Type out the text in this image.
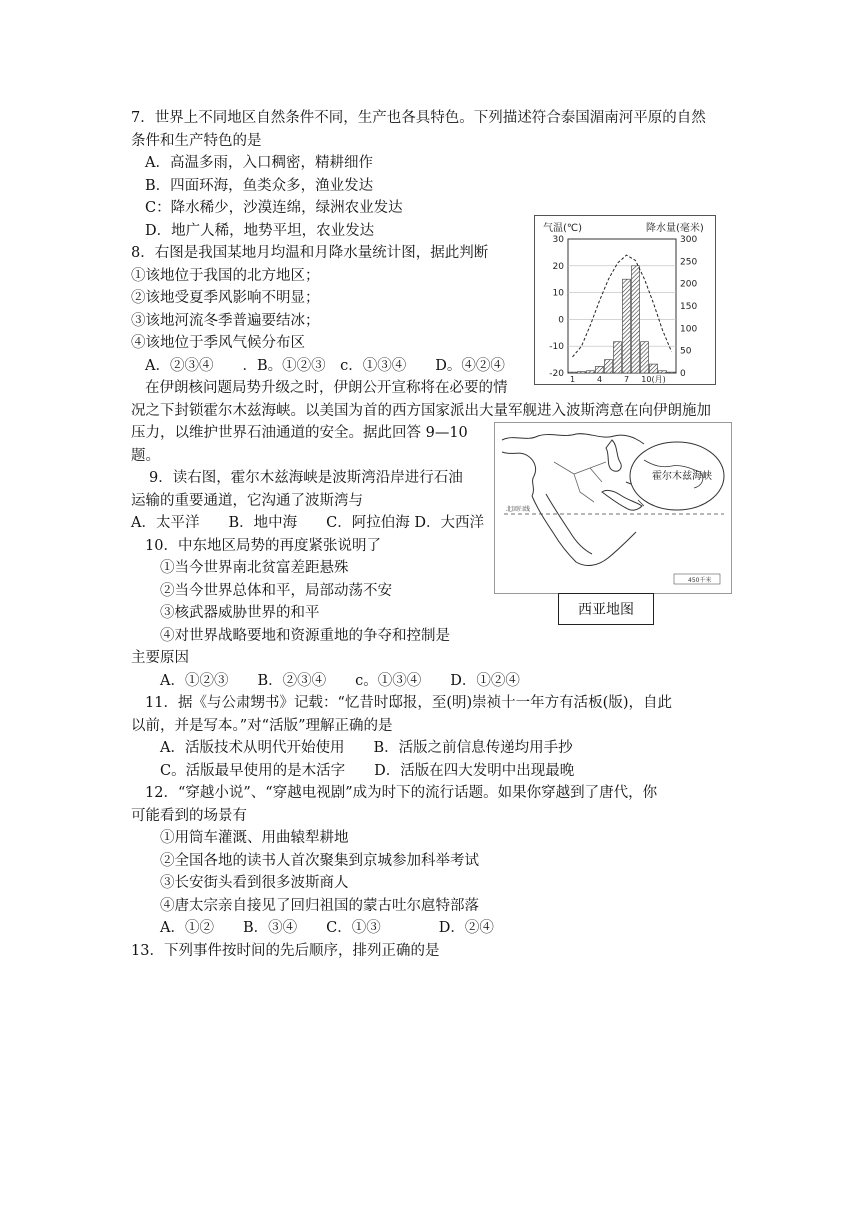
7．世界上不同地区自然条件不同，生产也各具特色。下列描述符合泰国湄南河平原的自然
条件和生产特色的是
A．高温多雨，入口稠密，精耕细作
B．四面环海，鱼类众多，渔业发达
C：降水稀少，沙漠连绵，绿洲农业发达
D．地广人稀，地势平坦，农业发达
8．右图是我国某地月均温和月降水量统计图，据此判断
①该地位于我国的北方地区；
②该地受夏季风影响不明显；
③该地河流冬季普遍要结冰；
④该地位于季风气候分布区
A．②③④　　．B。①②③　c．①③④　　D。④②④
在伊朗核问题局势升级之时，伊朗公开宣称将在必要的情
况之下封锁霍尔木兹海峡。以美国为首的西方国家派出大量军舰进入波斯湾意在向伊朗施加
压力，以维护世界石油通道的安全。据此回答 9—10
题。
9．读右图，霍尔木兹海峡是波斯湾沿岸进行石油
运输的重要通道，它沟通了波斯湾与
A．太平洋　　B．地中海　　C．阿拉伯海 D．大西洋
10．中东地区局势的再度紧张说明了
①当今世界南北贫富差距悬殊
②当今世界总体和平，局部动荡不安
③核武器威胁世界的和平
④对世界战略要地和资源重地的争夺和控制是
主要原因
A．①②③　　B．②③④　　c。①③④　　D．①②④
11．据《与公肃甥书》记载：“忆昔时邸报，至(明)崇祯十一年方有活板(版)，自此
以前，并是写本。”对“活版”理解正确的是
A．活版技术从明代开始使用　　B．活版之前信息传递均用手抄
C。活版最早使用的是木活字　　D．活版在四大发明中出现最晚
12．“穿越小说”、“穿越电视剧”成为时下的流行话题。如果你穿越到了唐代，你
可能看到的场景有
①用筒车灌溉、用曲辕犁耕地
②全国各地的读书人首次聚集到京城参加科举考试
③长安街头看到很多波斯商人
④唐太宗亲自接见了回归祖国的蒙古吐尔扈特部落
A．①②　　B．③④　　C．①③　　　　D．②④
13．下列事件按时间的先后顺序，排列正确的是
气温(℃)	降水量(毫米)
30
20
10
0
-10
-20
300
250
200
150
100
50
0
1	4	7 10(月)
北回归线
霍尔木兹海峡
450千米
西亚地图
